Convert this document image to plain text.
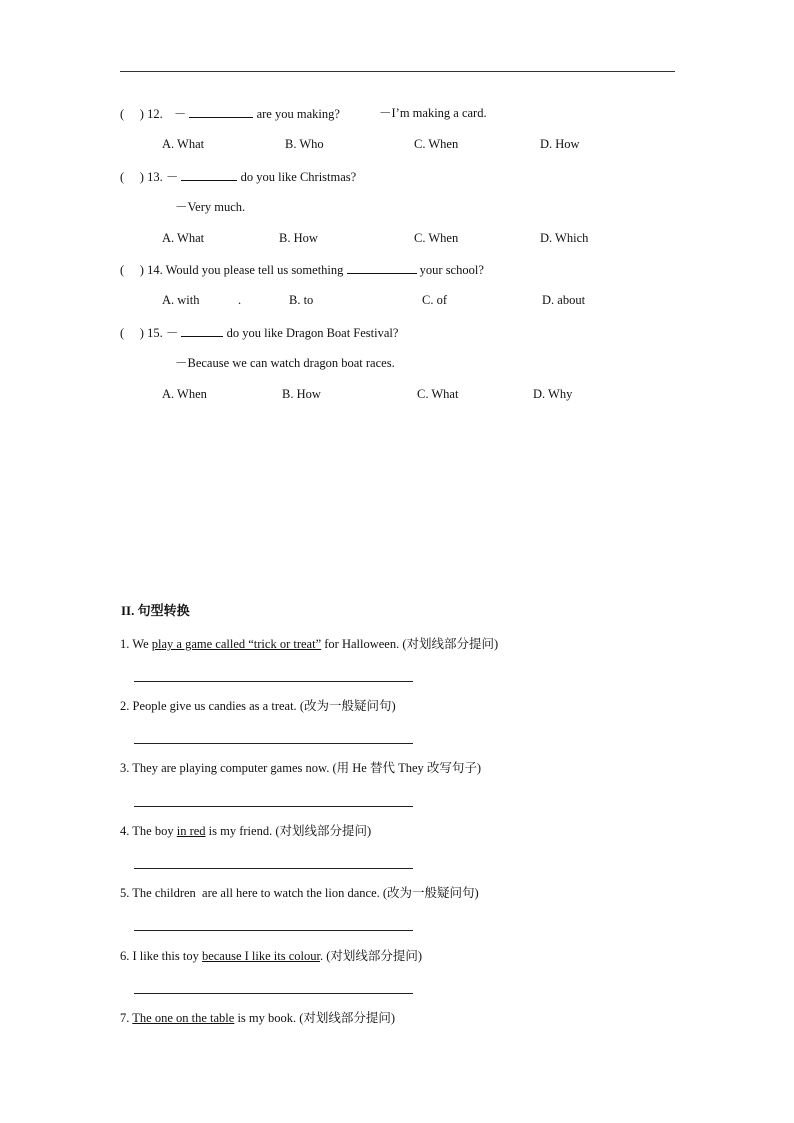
(　 ) 12. －	are you making?	－I’m making a card.
A. What	B. Who	C. When	D. How
(　 ) 13. －	do you like Christmas?
－Very much.
A. What	B. How	C. When	D. Which
(　 ) 14. Would you please tell us something	your school?
A. with	.	B. to	C. of	D. about
(　 ) 15. －	do you like Dragon Boat Festival?
－Because we can watch dragon boat races.
A. When	B. How	C. What	D. Why
II. 句型转换
1. We play a game called “trick or treat” for Halloween. (对划线部分提问)
2. People give us candies as a treat. (改为一般疑问句)
3. They are playing computer games now. (用 He 替代 They 改写句子)
4. The boy in red is my friend. (对划线部分提问)
5. The children  are all here to watch the lion dance. (改为一般疑问句)
6. I like this toy because I like its colour. (对划线部分提问)
7. The one on the table is my book. (对划线部分提问)
